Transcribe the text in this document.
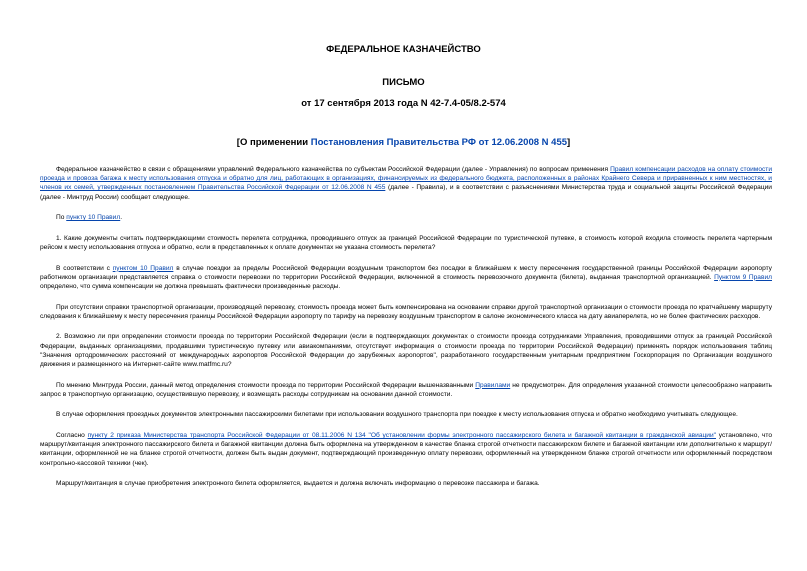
ФЕДЕРАЛЬНОЕ КАЗНАЧЕЙСТВО
ПИСЬМО
от 17 сентября 2013 года N 42-7.4-05/8.2-574
[О применении Постановления Правительства РФ от 12.06.2008 N 455]

Федеральное казначейство в связи с обращениями управлений Федерального казначейства по субъектам Российской Федерации (далее - Управления) по вопросам применения Правил компенсации расходов на оплату стоимости проезда и провоза багажа к месту использования отпуска и обратно для лиц, работающих в организациях, финансируемых из федерального бюджета, расположенных в районах Крайнего Севера и приравненных к ним местностях, и членов их семей, утвержденных постановлением Правительства Российской Федерации от 12.06.2008 N 455 (далее - Правила), и в соответствии с разъяснениями Министерства труда и социальной защиты Российской Федерации (далее - Минтруд России) сообщает следующее.

По пункту 10 Правил.

1. Какие документы считать подтверждающими стоимость перелета сотрудника, проводившего отпуск за границей Российской Федерации по туристической путевке, в стоимость которой входила стоимость перелета чартерным рейсом к месту использования отпуска и обратно, если в представленных к оплате документах не указана стоимость перелета?

В соответствии с пунктом 10 Правил в случае поездки за пределы Российской Федерации воздушным транспортом без посадки в ближайшем к месту пересечения государственной границы Российской Федерации аэропорту работником организации представляется справка о стоимости перевозки по территории Российской Федерации, включенной в стоимость перевозочного документа (билета), выданная транспортной организацией. Пунктом 9 Правил определено, что сумма компенсации не должна превышать фактически произведенные расходы.

При отсутствии справки транспортной организации, производящей перевозку, стоимость проезда может быть компенсирована на основании справки другой транспортной организации о стоимости проезда по кратчайшему маршруту следования к ближайшему к месту пересечения границы Российской Федерации аэропорту по тарифу на перевозку воздушным транспортом в салоне экономического класса на дату авиаперелета, но не более фактических расходов.

2. Возможно ли при определении стоимости проезда по территории Российской Федерации (если в подтверждающих документах о стоимости проезда сотрудниками Управления, проводившими отпуск за границей Российской Федерации, выданных организациями, продавшими туристическую путевку или авиакомпаниями, отсутствует информация о стоимости проезда по территории Российской Федерации) применять порядок использования таблиц "Значения ортодромических расстояний от международных аэропортов Российской Федерации до зарубежных аэропортов", разработанного государственным унитарным предприятием Госкорпорация по Организации воздушного движения и размещенного на Интернет-сайте www.matfmc.ru?

По мнению Минтруда России, данный метод определения стоимости проезда по территории Российской Федерации вышеназванными Правилами не предусмотрен. Для определения указанной стоимости целесообразно направить запрос в транспортную организацию, осуществившую перевозку, и возмещать расходы сотрудникам на основании данной стоимости.

В случае оформления проездных документов электронными пассажирскими билетами при использовании воздушного транспорта при поездке к месту использования отпуска и обратно необходимо учитывать следующее.

Согласно пункту 2 приказа Министерства транспорта Российской Федерации от 08.11.2006 N 134 "Об установлении формы электронного пассажирского билета и багажной квитанции в гражданской авиации" установлено, что маршрут/квитанция электронного пассажирского билета и багажной квитанции должна быть оформлена на утвержденном в качестве бланка строгой отчетности пассажирском билете и багажной квитанции или дополнительно к маршрут/квитанции, оформленной не на бланке строгой отчетности, должен быть выдан документ, подтверждающий произведенную оплату перевозки, оформленный на утвержденном бланке строгой отчетности или оформленный посредством контрольно-кассовой техники (чек).

Маршрут/квитанция в случае приобретения электронного билета оформляется, выдается и должна включать информацию о перевозке пассажира и багажа.
